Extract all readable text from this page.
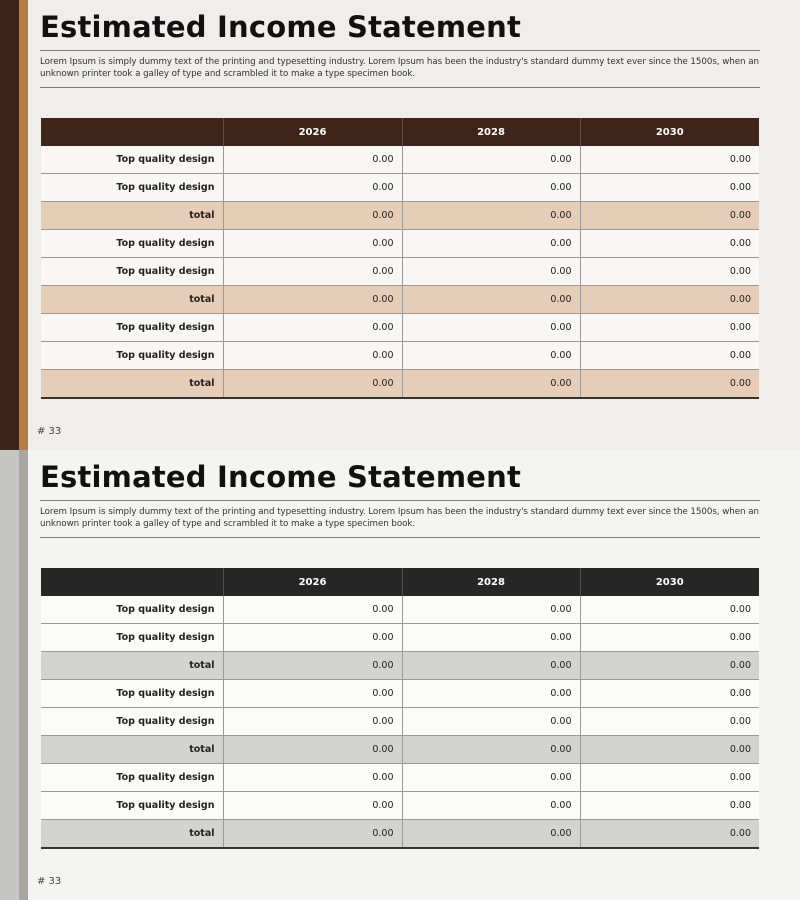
Estimated Income Statement
Lorem Ipsum is simply dummy text of the printing and typesetting industry. Lorem Ipsum has been the industry's standard dummy text ever since the 1500s, when an unknown printer took a galley of type and scrambled it to make a type specimen book.
	2026	2028	2030
Top quality design	0.00	0.00	0.00
Top quality design	0.00	0.00	0.00
total	0.00	0.00	0.00
Top quality design	0.00	0.00	0.00
Top quality design	0.00	0.00	0.00
total	0.00	0.00	0.00
Top quality design	0.00	0.00	0.00
Top quality design	0.00	0.00	0.00
total	0.00	0.00	0.00
# 33
Estimated Income Statement
Lorem Ipsum is simply dummy text of the printing and typesetting industry. Lorem Ipsum has been the industry's standard dummy text ever since the 1500s, when an unknown printer took a galley of type and scrambled it to make a type specimen book.
	2026	2028	2030
Top quality design	0.00	0.00	0.00
Top quality design	0.00	0.00	0.00
total	0.00	0.00	0.00
Top quality design	0.00	0.00	0.00
Top quality design	0.00	0.00	0.00
total	0.00	0.00	0.00
Top quality design	0.00	0.00	0.00
Top quality design	0.00	0.00	0.00
total	0.00	0.00	0.00
# 33
